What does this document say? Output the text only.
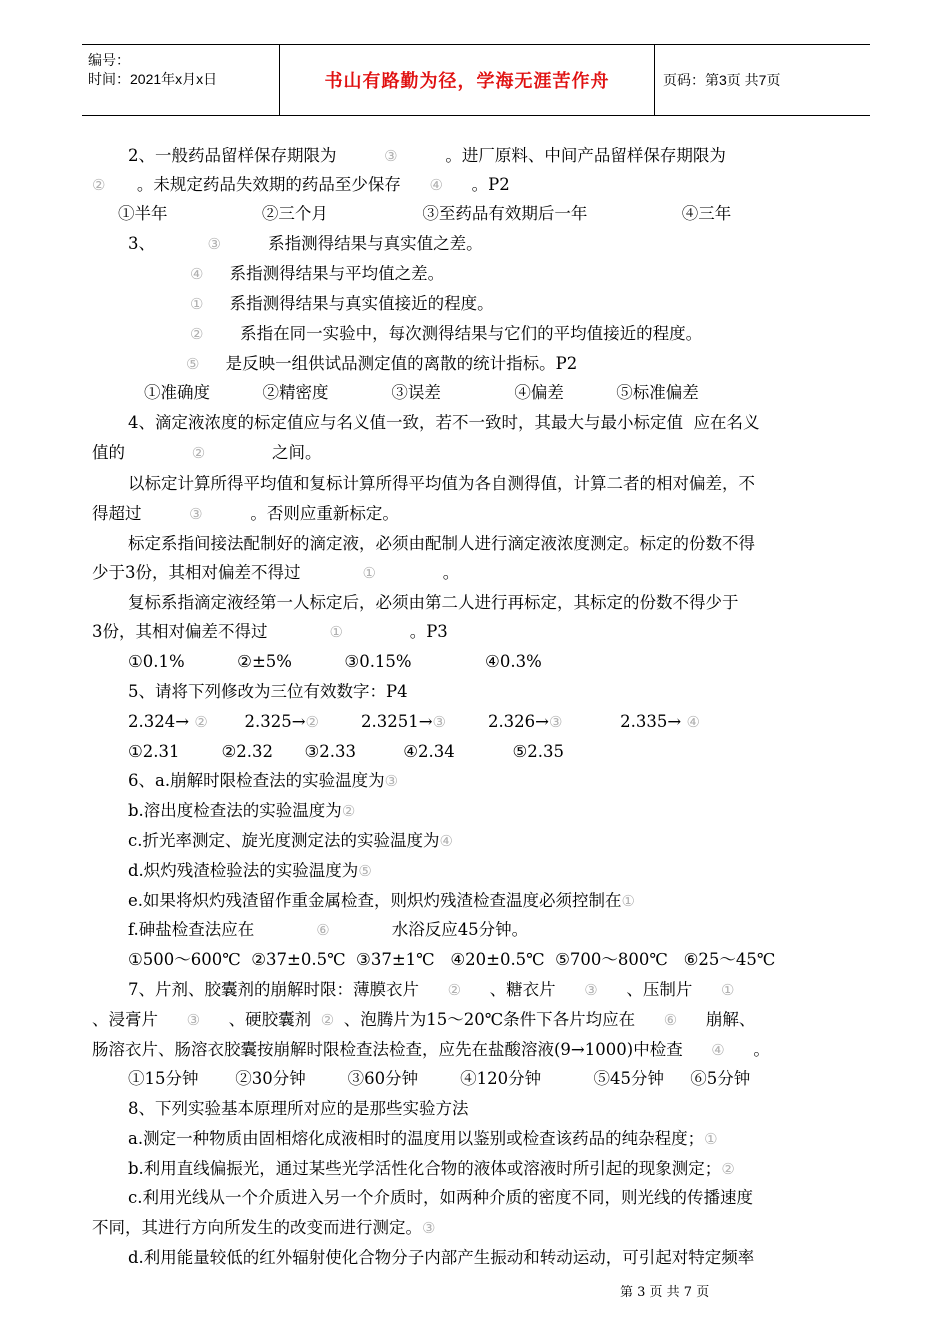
编号：
时间：2021年x月x日	书山有路勤为径，学海无涯苦作舟	页码：第3页 共7页
2、一般药品留样保存期限为          ③          。进厂原料、中间产品留样保存期限为
②      。未规定药品失效期的药品至少保存      ④      。P2
①半年                  ②三个月                  ③至药品有效期后一年                  ④三年
3、          ③         系指测得结果与真实值之差。
④     系指测得结果与平均值之差。
①     系指测得结果与真实值接近的程度。
②       系指在同一实验中，每次测得结果与它们的平均值接近的程度。
⑤     是反映一组供试品测定值的离散的统计指标。P2
①准确度          ②精密度            ③误差              ④偏差          ⑤标准偏差
4、滴定液浓度的标定值应与名义值一致，若不一致时，其最大与最小标定值  应在名义
值的              ②              之间。
以标定计算所得平均值和复标计算所得平均值为各自测得值，计算二者的相对偏差，不
得超过          ③          。否则应重新标定。
标定系指间接法配制好的滴定液，必须由配制人进行滴定液浓度测定。标定的份数不得
少于3份，其相对偏差不得过             ①              。
复标系指滴定液经第一人标定后，必须由第二人进行再标定，其标定的份数不得少于
3份，其相对偏差不得过             ①              。P3
①0.1%          ②±5%          ③0.15%              ④0.3%
5、请将下列修改为三位有效数字：P4
2.324→ ②       2.325→②        2.3251→③        2.326→③           2.335→ ④
①2.31        ②2.32      ③2.33         ④2.34           ⑤2.35
6、a.崩解时限检查法的实验温度为③
b.溶出度检查法的实验温度为②
c.折光率测定、旋光度测定法的实验温度为④
d.炽灼残渣检验法的实验温度为⑤
e.如果将炽灼残渣留作重金属检查，则炽灼残渣检查温度必须控制在①
f.砷盐检查法应在             ⑥             水浴反应45分钟。
①500～600℃  ②37±0.5℃  ③37±1℃   ④20±0.5℃  ⑤700～800℃   ⑥25～45℃
7、片剂、胶囊剂的崩解时限：薄膜衣片      ②      、糖衣片      ③      、压制片      ①
、浸膏片      ③      、硬胶囊剂  ②  、泡腾片为15～20℃条件下各片均应在      ⑥      崩解、
肠溶衣片、肠溶衣胶囊按崩解时限检查法检查，应先在盐酸溶液(9→1000)中检查      ④      。
①15分钟       ②30分钟        ③60分钟        ④120分钟          ⑤45分钟     ⑥5分钟
8、下列实验基本原理所对应的是那些实验方法
a.测定一种物质由固相熔化成液相时的温度用以鉴别或检查该药品的纯杂程度；①
b.利用直线偏振光，通过某些光学活性化合物的液体或溶液时所引起的现象测定；②
c.利用光线从一个介质进入另一个介质时，如两种介质的密度不同，则光线的传播速度
不同，其进行方向所发生的改变而进行测定。③
d.利用能量较低的红外辐射使化合物分子内部产生振动和转动运动，可引起对特定频率
第 3 页 共 7 页
